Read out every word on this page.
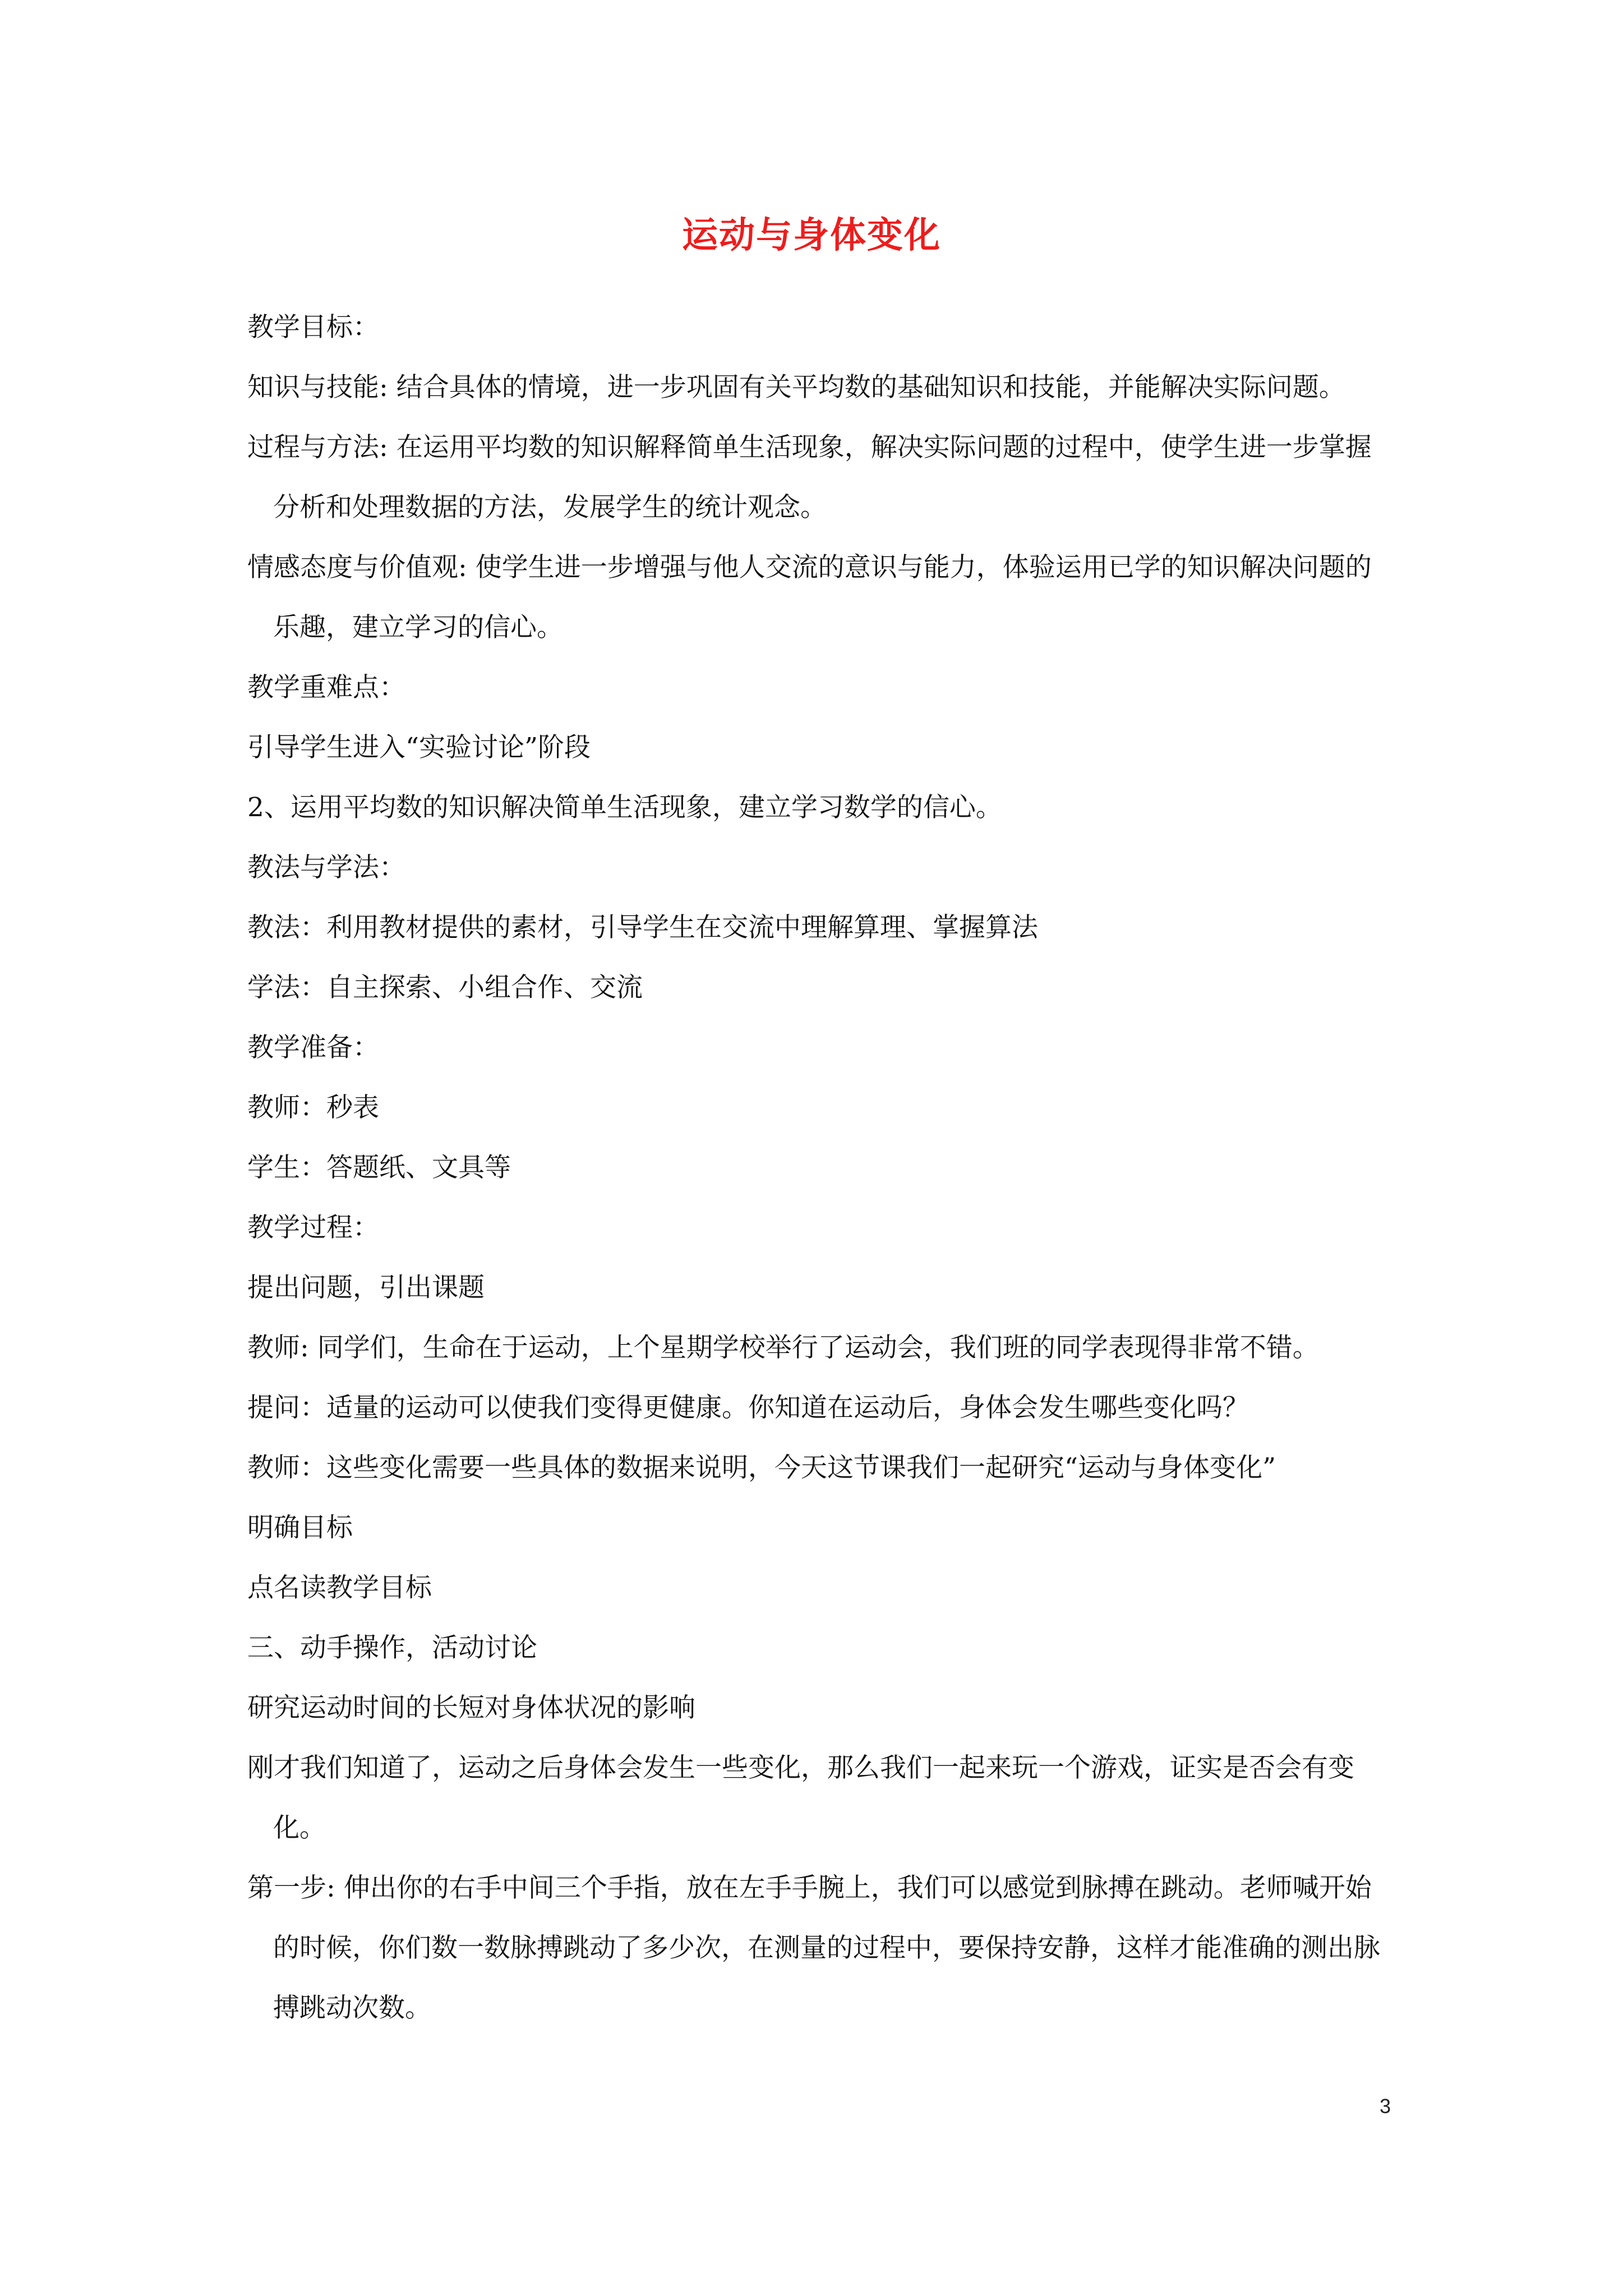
运动与身体变化

教学目标：

知识与技能: 结合具体的情境，进一步巩固有关平均数的基础知识和技能，并能解决实际问题。

过程与方法: 在运用平均数的知识解释简单生活现象，解决实际问题的过程中，使学生进一步掌握分析和处理数据的方法，发展学生的统计观念。

情感态度与价值观: 使学生进一步增强与他人交流的意识与能力，体验运用已学的知识解决问题的乐趣，建立学习的信心。

教学重难点：

引导学生进入“实验讨论”阶段

2、运用平均数的知识解决简单生活现象，建立学习数学的信心。

教法与学法：

教法：利用教材提供的素材，引导学生在交流中理解算理、掌握算法

学法：自主探索、小组合作、交流

教学准备：

教师：秒表

学生：答题纸、文具等

教学过程：

提出问题，引出课题

教师: 同学们，生命在于运动，上个星期学校举行了运动会，我们班的同学表现得非常不错。

提问：适量的运动可以使我们变得更健康。你知道在运动后，身体会发生哪些变化吗？

教师：这些变化需要一些具体的数据来说明，今天这节课我们一起研究“运动与身体变化”

明确目标

点名读教学目标

三、动手操作，活动讨论

研究运动时间的长短对身体状况的影响

刚才我们知道了，运动之后身体会发生一些变化，那么我们一起来玩一个游戏，证实是否会有变化。

第一步: 伸出你的右手中间三个手指，放在左手手腕上，我们可以感觉到脉搏在跳动。老师喊开始的时候，你们数一数脉搏跳动了多少次，在测量的过程中，要保持安静，这样才能准确的测出脉搏跳动次数。

3
